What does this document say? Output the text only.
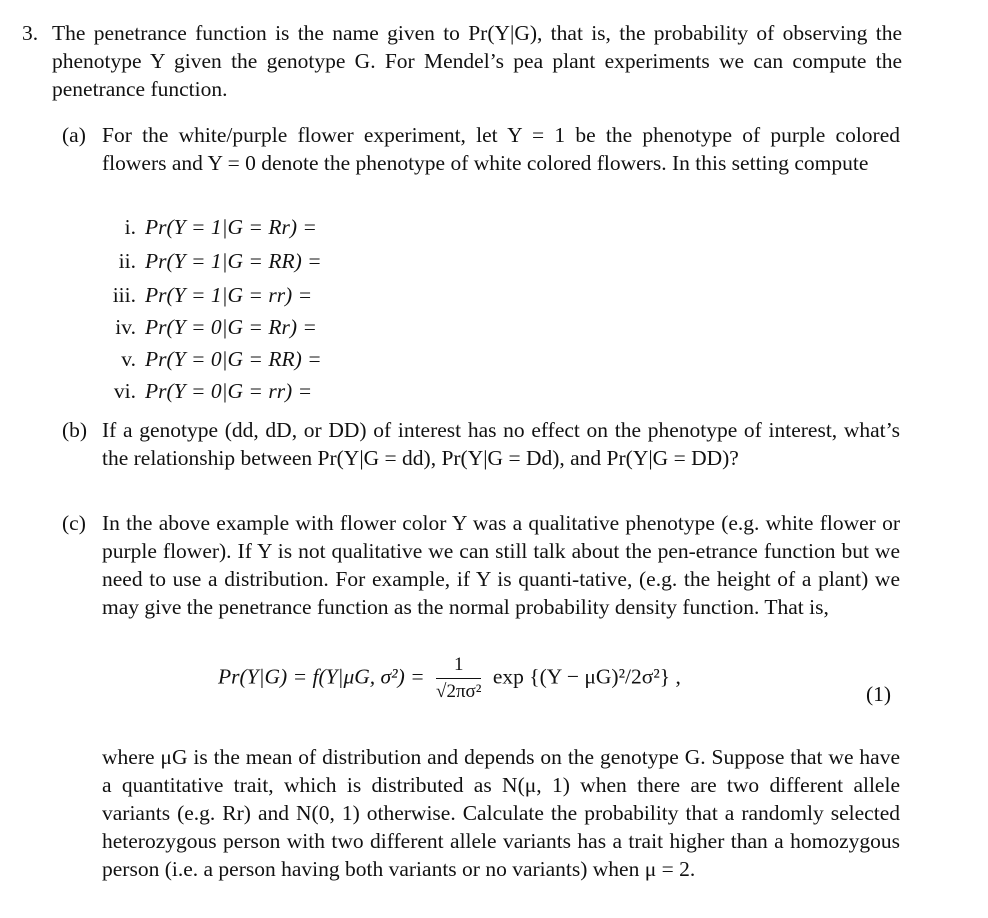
3. The penetrance function is the name given to Pr(Y|G), that is, the probability of observing the phenotype Y given the genotype G. For Mendel’s pea plant experiments we can compute the penetrance function.
(a) For the white/purple flower experiment, let Y = 1 be the phenotype of purple colored flowers and Y = 0 denote the phenotype of white colored flowers. In this setting compute
i. Pr(Y = 1|G = Rr) =
ii. Pr(Y = 1|G = RR) =
iii. Pr(Y = 1|G = rr) =
iv. Pr(Y = 0|G = Rr) =
v. Pr(Y = 0|G = RR) =
vi. Pr(Y = 0|G = rr) =
(b) If a genotype (dd, dD, or DD) of interest has no effect on the phenotype of interest, what’s the relationship between Pr(Y|G = dd), Pr(Y|G = Dd), and Pr(Y|G = DD)?
(c) In the above example with flower color Y was a qualitative phenotype (e.g. white flower or purple flower). If Y is not qualitative we can still talk about the pen-etrance function but we need to use a distribution. For example, if Y is quanti-tative, (e.g. the height of a plant) we may give the penetrance function as the normal probability density function. That is,
Pr(Y|G) = f(Y|μG, $\sigma^2) = \frac{1}{\text{√2πσ²}}$ exp {(Y − μG)²/2σ²} ,
(1)
where μG is the mean of distribution and depends on the genotype G. Suppose that we have a quantitative trait, which is distributed as N(μ, 1) when there are two different allele variants (e.g. Rr) and N(0, 1) otherwise. Calculate the probability that a randomly selected heterozygous person with two different allele variants has a trait higher than a homozygous person (i.e. a person having both variants or no variants) when μ = 2.
